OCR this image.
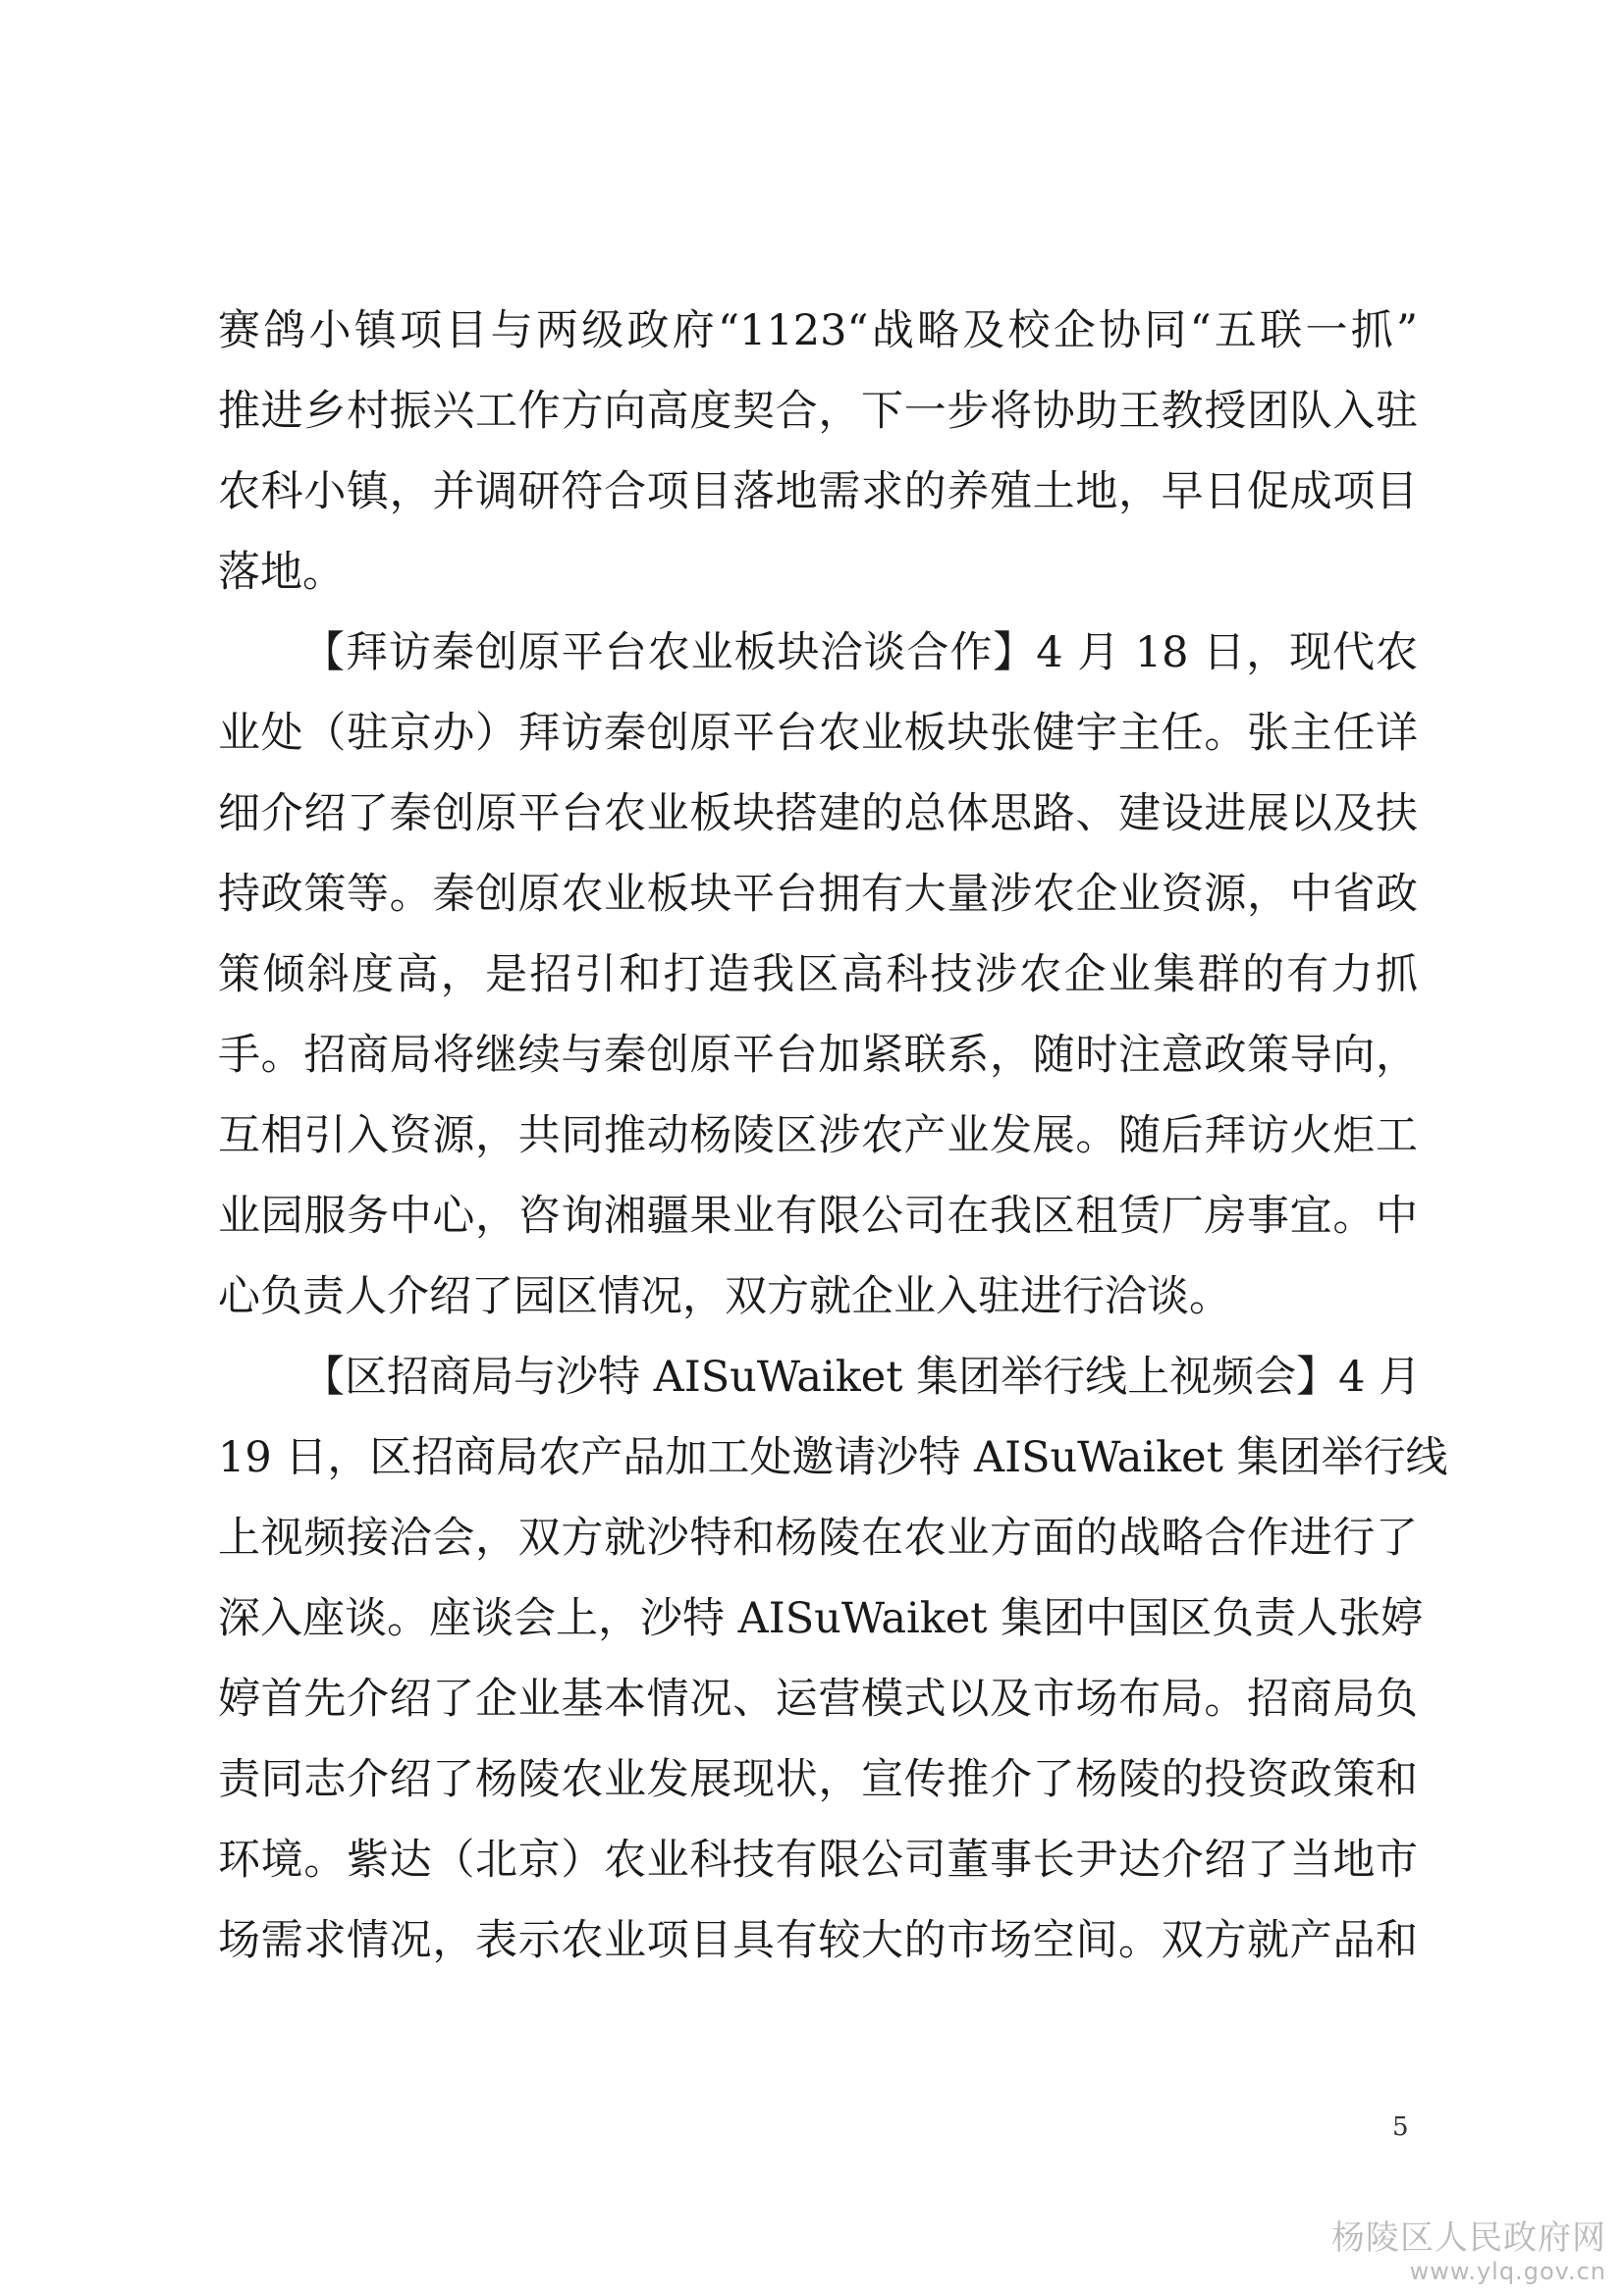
赛鸽小镇项目与两级政府“1123“战略及校企协同“五联一抓”
推进乡村振兴工作方向高度契合，下一步将协助王教授团队入驻
农科小镇，并调研符合项目落地需求的养殖土地，早日促成项目
落地。
【拜访秦创原平台农业板块洽谈合作】4 月 18 日，现代农
业处（驻京办）拜访秦创原平台农业板块张健宇主任。张主任详
细介绍了秦创原平台农业板块搭建的总体思路、建设进展以及扶
持政策等。秦创原农业板块平台拥有大量涉农企业资源，中省政
策倾斜度高，是招引和打造我区高科技涉农企业集群的有力抓
手。招商局将继续与秦创原平台加紧联系，随时注意政策导向，
互相引入资源，共同推动杨陵区涉农产业发展。随后拜访火炬工
业园服务中心，咨询湘疆果业有限公司在我区租赁厂房事宜。中
心负责人介绍了园区情况，双方就企业入驻进行洽谈。
【区招商局与沙特 AISuWaiket 集团举行线上视频会】4 月
19 日，区招商局农产品加工处邀请沙特 AISuWaiket 集团举行线
上视频接洽会，双方就沙特和杨陵在农业方面的战略合作进行了
深入座谈。座谈会上，沙特 AISuWaiket 集团中国区负责人张婷
婷首先介绍了企业基本情况、运营模式以及市场布局。招商局负
责同志介绍了杨陵农业发展现状，宣传推介了杨陵的投资政策和
环境。紫达（北京）农业科技有限公司董事长尹达介绍了当地市
场需求情况，表示农业项目具有较大的市场空间。双方就产品和
5
杨陵区人民政府网
www.ylq.gov.cn
